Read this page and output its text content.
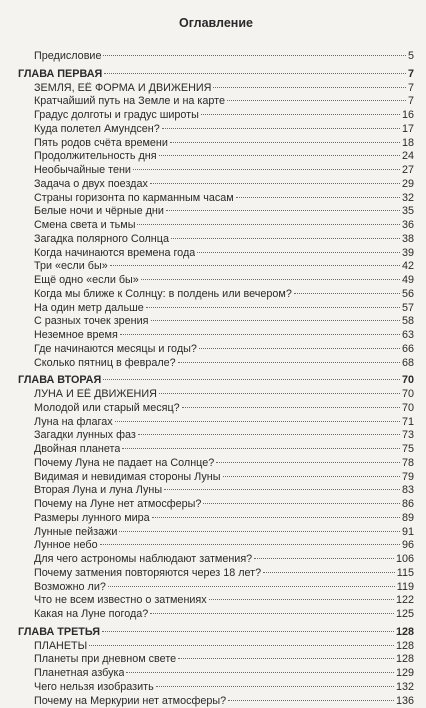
Оглавление
Предисловие	5
ГЛАВА ПЕРВАЯ	7
ЗЕМЛЯ, ЕЁ ФОРМА И ДВИЖЕНИЯ	7
Кратчайший путь на Земле и на карте	7
Градус долготы и градус широты	16
Куда полетел Амундсен?	17
Пять родов счёта времени	18
Продолжительность дня	24
Необычайные тени	27
Задача о двух поездах	29
Страны горизонта по карманным часам	32
Белые ночи и чёрные дни	35
Смена света и тьмы	36
Загадка полярного Солнца	38
Когда начинаются времена года	39
Три «если бы»	42
Ещё одно «если бы»	49
Когда мы ближе к Солнцу: в полдень или вечером?	56
На один метр дальше	57
С разных точек зрения	58
Неземное время	63
Где начинаются месяцы и годы?	66
Сколько пятниц в феврале?	68
ГЛАВА ВТОРАЯ	70
ЛУНА И ЕЁ ДВИЖЕНИЯ	70
Молодой или старый месяц?	70
Луна на флагах	71
Загадки лунных фаз	73
Двойная планета	75
Почему Луна не падает на Солнце?	78
Видимая и невидимая стороны Луны	79
Вторая Луна и луна Луны	83
Почему на Луне нет атмосферы?	86
Размеры лунного мира	89
Лунные пейзажи	91
Лунное небо	96
Для чего астрономы наблюдают затмения?	106
Почему затмения повторяются через 18 лет?	115
Возможно ли?	119
Что не всем известно о затмениях	122
Какая на Луне погода?	125
ГЛАВА ТРЕТЬЯ	128
ПЛАНЕТЫ	128
Планеты при дневном свете	128
Планетная азбука	129
Чего нельзя изобразить	132
Почему на Меркурии нет атмосферы?	136
